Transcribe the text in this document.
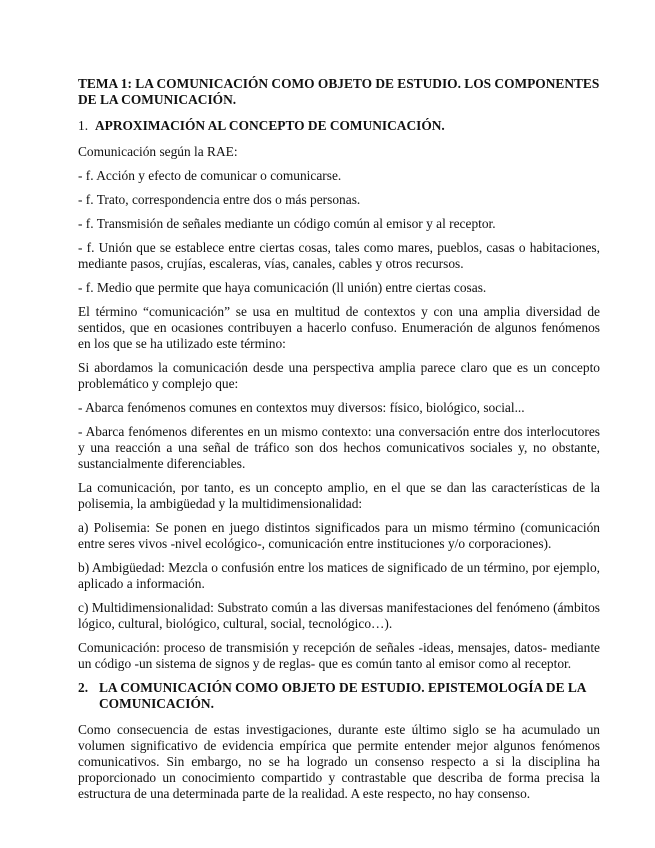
TEMA 1: LA COMUNICACIÓN COMO OBJETO DE ESTUDIO. LOS COMPONENTES DE LA COMUNICACIÓN.
1. APROXIMACIÓN AL CONCEPTO DE COMUNICACIÓN.

Comunicación según la RAE:

- f. Acción y efecto de comunicar o comunicarse.

- f. Trato, correspondencia entre dos o más personas.

- f. Transmisión de señales mediante un código común al emisor y al receptor.

- f. Unión que se establece entre ciertas cosas, tales como mares, pueblos, casas o habitaciones, mediante pasos, crujías, escaleras, vías, canales, cables y otros recursos.

- f. Medio que permite que haya comunicación (ll unión) entre ciertas cosas.

El término “comunicación” se usa en multitud de contextos y con una amplia diversidad de sentidos, que en ocasiones contribuyen a hacerlo confuso. Enumeración de algunos fenómenos en los que se ha utilizado este término:

Si abordamos la comunicación desde una perspectiva amplia parece claro que es un concepto problemático y complejo que:

- Abarca fenómenos comunes en contextos muy diversos: físico, biológico, social...

- Abarca fenómenos diferentes en un mismo contexto: una conversación entre dos interlocutores y una reacción a una señal de tráfico son dos hechos comunicativos sociales y, no obstante, sustancialmente diferenciables.

La comunicación, por tanto, es un concepto amplio, en el que se dan las características de la polisemia, la ambigüedad y la multidimensionalidad:

a) Polisemia: Se ponen en juego distintos significados para un mismo término (comunicación entre seres vivos -nivel ecológico-, comunicación entre instituciones y/o corporaciones).

b) Ambigüedad: Mezcla o confusión entre los matices de significado de un término, por ejemplo, aplicado a información.

c) Multidimensionalidad: Substrato común a las diversas manifestaciones del fenómeno (ámbitos lógico, cultural, biológico, cultural, social, tecnológico…).

Comunicación: proceso de transmisión y recepción de señales -ideas, mensajes, datos- mediante un código -un sistema de signos y de reglas- que es común tanto al emisor como al receptor.

2. LA COMUNICACIÓN COMO OBJETO DE ESTUDIO. EPISTEMOLOGÍA DE LA COMUNICACIÓN.

Como consecuencia de estas investigaciones, durante este último siglo se ha acumulado un volumen significativo de evidencia empírica que permite entender mejor algunos fenómenos comunicativos. Sin embargo, no se ha logrado un consenso respecto a si la disciplina ha proporcionado un conocimiento compartido y contrastable que describa de forma precisa la estructura de una determinada parte de la realidad. A este respecto, no hay consenso.
